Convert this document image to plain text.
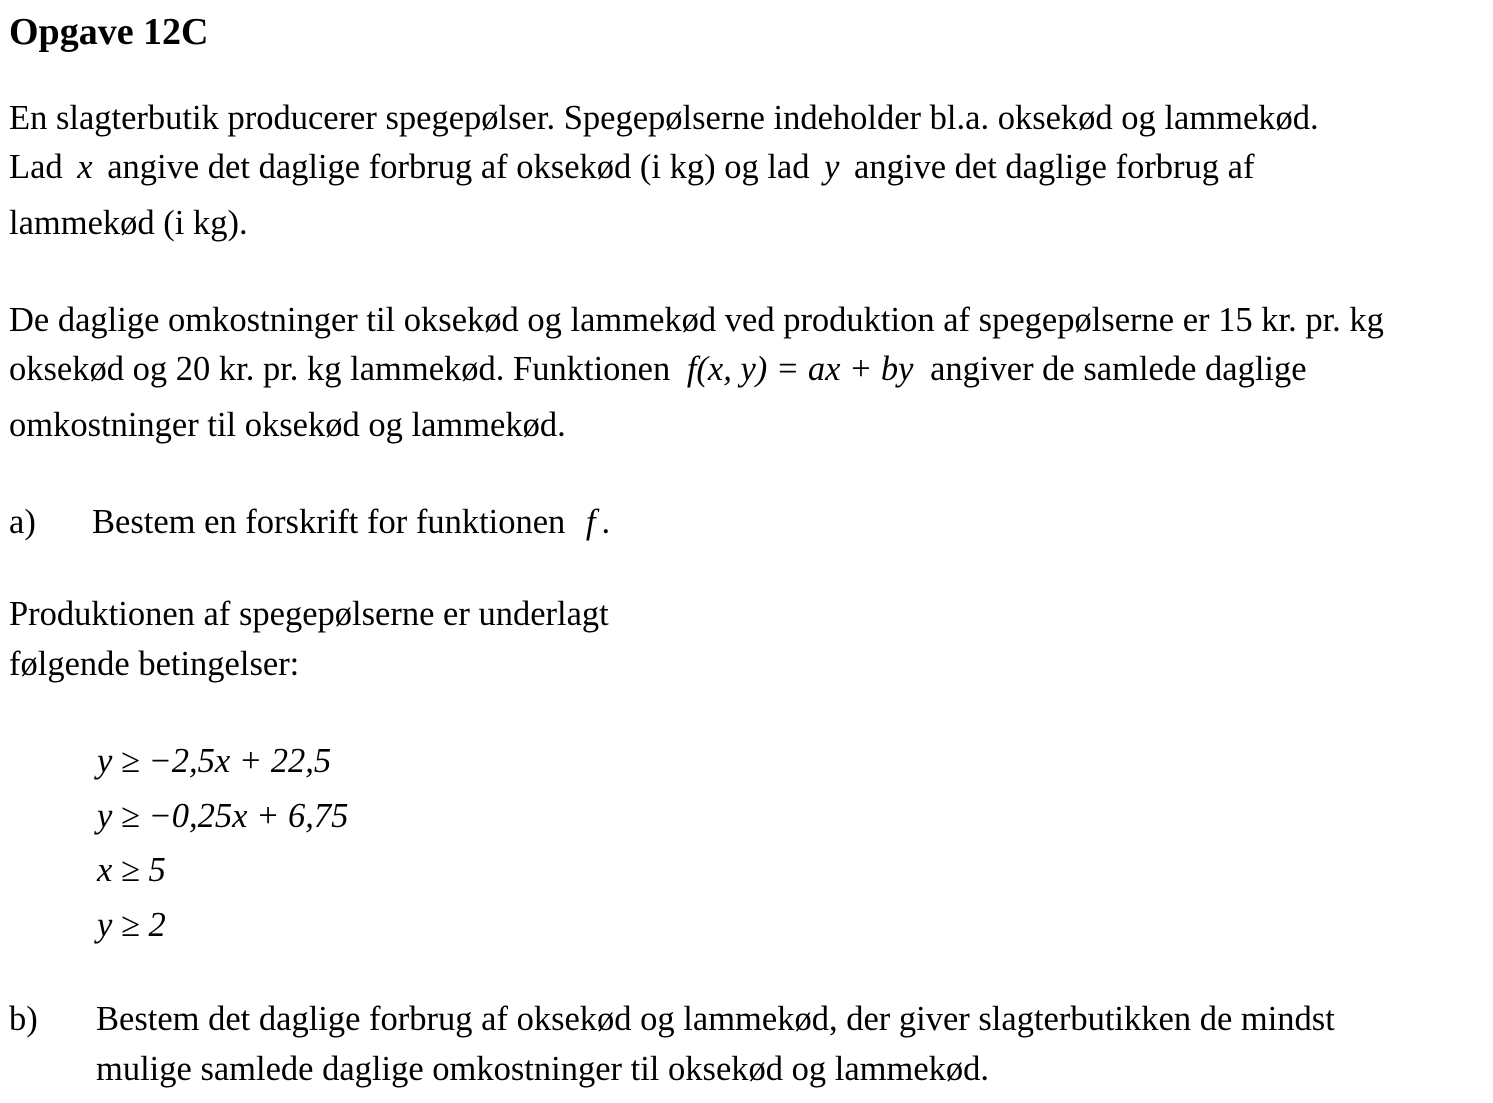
Opgave 12C
En slagterbutik producerer spegepølser. Spegepølserne indeholder bl.a. oksekød og lammekød.
Lad x angive det daglige forbrug af oksekød (i kg) og lad y angive det daglige forbrug af
lammekød (i kg).
De daglige omkostninger til oksekød og lammekød ved produktion af spegepølserne er 15 kr. pr. kg
oksekød og 20 kr. pr. kg lammekød. Funktionen f(x, y) = ax + by angiver de samlede daglige
omkostninger til oksekød og lammekød.
a) Bestem en forskrift for funktionen f .
Produktionen af spegepølserne er underlagt
følgende betingelser:
y ≥ −2,5x + 22,5
y ≥ −0,25x + 6,75
x ≥ 5
y ≥ 2
b) Bestem det daglige forbrug af oksekød og lammekød, der giver slagterbutikken de mindst
mulige samlede daglige omkostninger til oksekød og lammekød.
